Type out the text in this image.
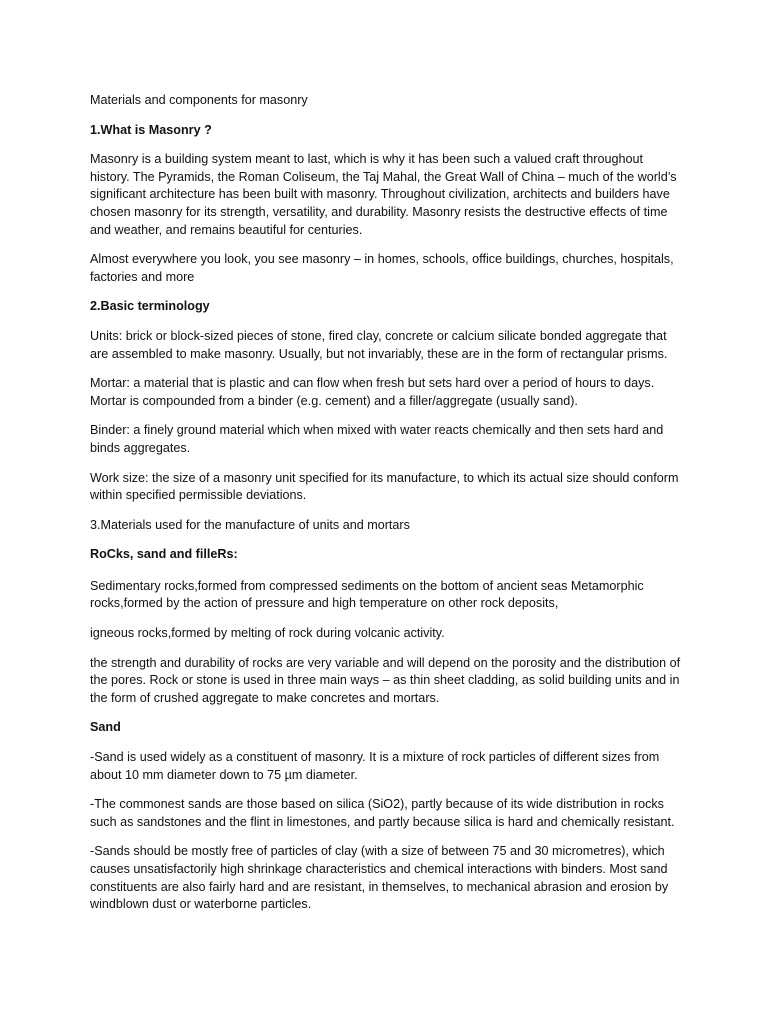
Materials and components for masonry

1.What is Masonry ?

Masonry is a building system meant to last, which is why it has been such a valued craft throughout history. The Pyramids, the Roman Coliseum, the Taj Mahal, the Great Wall of China – much of the world’s significant architecture has been built with masonry. Throughout civilization, architects and builders have chosen masonry for its strength, versatility, and durability. Masonry resists the destructive effects of time and weather, and remains beautiful for centuries.

Almost everywhere you look, you see masonry – in homes, schools, office buildings, churches, hospitals, factories and more

2.Basic terminology

Units: brick or block-sized pieces of stone, fired clay, concrete or calcium silicate bonded aggregate that are assembled to make masonry. Usually, but not invariably, these are in the form of rectangular prisms.

Mortar: a material that is plastic and can flow when fresh but sets hard over a period of hours to days. Mortar is compounded from a binder (e.g. cement) and a filler/aggregate (usually sand).

Binder: a finely ground material which when mixed with water reacts chemically and then sets hard and binds aggregates.

Work size: the size of a masonry unit specified for its manufacture, to which its actual size should conform within specified permissible deviations.

3.Materials used for the manufacture of units and mortars

RoCks, sand and filleRs:

Sedimentary rocks,formed from compressed sediments on the bottom of ancient seas Metamorphic rocks,formed by the action of pressure and high temperature on other rock deposits,

igneous rocks,formed by melting of rock during volcanic activity.

the strength and durability of rocks are very variable and will depend on the porosity and the distribution of the pores. Rock or stone is used in three main ways – as thin sheet cladding, as solid building units and in the form of crushed aggregate to make concretes and mortars.

Sand

-Sand is used widely as a constituent of masonry. It is a mixture of rock particles of different sizes from about 10 mm diameter down to 75 µm diameter.

-The commonest sands are those based on silica (SiO2), partly because of its wide distribution in rocks such as sandstones and the flint in limestones, and partly because silica is hard and chemically resistant.

-Sands should be mostly free of particles of clay (with a size of between 75 and 30 micrometres), which causes unsatisfactorily high shrinkage characteristics and chemical interactions with binders. Most sand constituents are also fairly hard and are resistant, in themselves, to mechanical abrasion and erosion by windblown dust or waterborne particles.
